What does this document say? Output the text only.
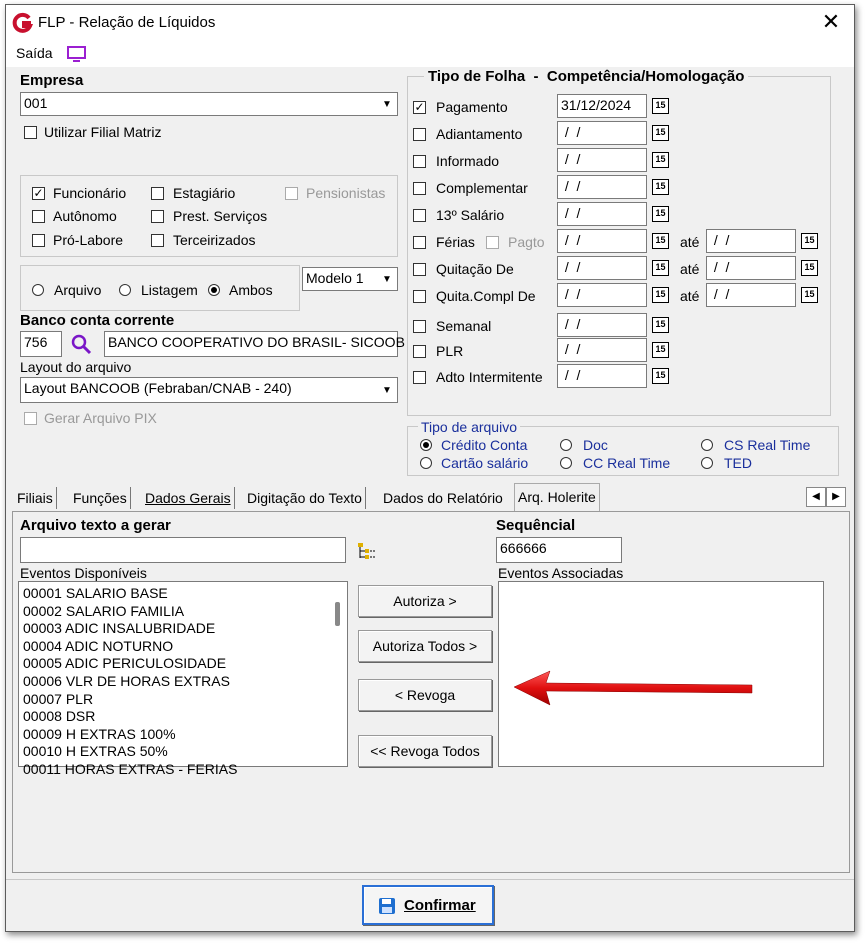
FLP - Relação de Líquidos	✕
Saída
Empresa
001	▼
Utilizar Filial Matriz
✓ Funcionário	Estagiário	Pensionistas
Autônomo	Prest. Serviços
Pró-Labore	Terceirizados
Arquivo	Listagem Ambos
Modelo 1	▼
Banco conta corrente
756	BANCO COOPERATIVO DO BRASIL- SICOOB
Layout do arquivo
Layout BANCOOB (Febraban/CNAB - 240)	▼
Gerar Arquivo PIX
Tipo de Folha  -  Competência/Homologação
✓ Pagamento	31/12/2024	15
Adiantamento	/  /	15
Informado	/  /	15
Complementar /  /	15
13º Salário	/  /	15
Férias Pagto /  /	15 até /  /	15
Quitação De	/  /	15 até /  /	15
Quita.Compl De /  /	15 até /  /	15
Semanal	/  /	15
PLR	/  /	15
Adto Intermitente /  /	15
Tipo de arquivo
Crédito Conta	Doc	CS Real Time
Cartão salário	CC Real Time	TED
Filiais Funções Dados Gerais Digitação do Texto Dados do Relatório Arq. Holerite	◀	▶
Arquivo texto a gerar	Sequêncial
666666
Eventos Disponíveis	Eventos Associadas
00001 SALARIO BASE
00002 SALARIO FAMILIA
00003 ADIC INSALUBRIDADE
00004 ADIC NOTURNO
00005 ADIC PERICULOSIDADE
00006 VLR DE HORAS EXTRAS
00007 PLR
00008 DSR
00009 H EXTRAS 100%
00010 H EXTRAS 50%
00011 HORAS EXTRAS - FERIAS
Autoriza >
Autoriza Todos >
< Revoga
<< Revoga Todos
Confirmar
